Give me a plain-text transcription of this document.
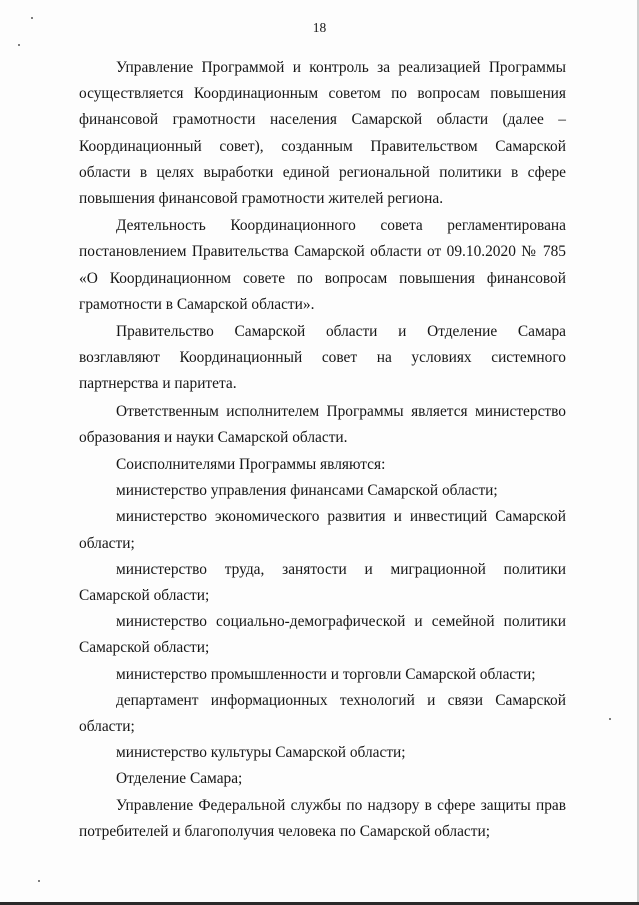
18

Управление Программой и контроль за реализацией Программы осуществляется Координационным советом по вопросам повышения финансовой грамотности населения Самарской области (далее – Координационный совет), созданным Правительством Самарской области в целях выработки единой региональной политики в сфере повышения финансовой грамотности жителей региона.

Деятельность Координационного совета регламентирована постановлением Правительства Самарской области от 09.10.2020 № 785 «О Координационном совете по вопросам повышения финансовой грамотности в Самарской области».

Правительство Самарской области и Отделение Самара возглавляют Координационный совет на условиях системного партнерства и паритета.

Ответственным исполнителем Программы является министерство образования и науки Самарской области.

Соисполнителями Программы являются:

министерство управления финансами Самарской области;

министерство экономического развития и инвестиций Самарской области;

министерство труда, занятости и миграционной политики Самарской области;

министерство социально-демографической и семейной политики Самарской области;

министерство промышленности и торговли Самарской области;

департамент информационных технологий и связи Самарской области;

министерство культуры Самарской области;

Отделение Самара;

Управление Федеральной службы по надзору в сфере защиты прав потребителей и благополучия человека по Самарской области;
